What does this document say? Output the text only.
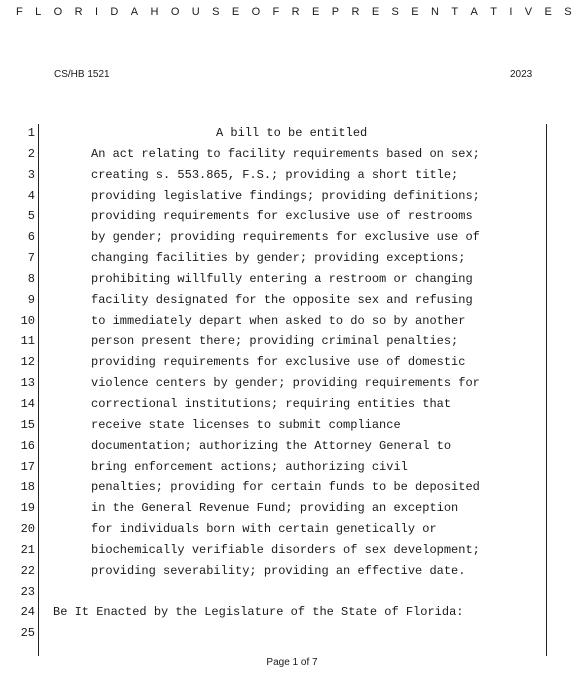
F L O R I D A H O U S E O F R E P R E S E N T A T I V E S
CS/HB 1521	2023
1	A bill to be entitled
2	An act relating to facility requirements based on sex;
3	creating s. 553.865, F.S.; providing a short title;
4	providing legislative findings; providing definitions;
5	providing requirements for exclusive use of restrooms
6	by gender; providing requirements for exclusive use of
7	changing facilities by gender; providing exceptions;
8	prohibiting willfully entering a restroom or changing
9	facility designated for the opposite sex and refusing
10	to immediately depart when asked to do so by another
11	person present there; providing criminal penalties;
12	providing requirements for exclusive use of domestic
13	violence centers by gender; providing requirements for
14	correctional institutions; requiring entities that
15	receive state licenses to submit compliance
16	documentation; authorizing the Attorney General to
17	bring enforcement actions; authorizing civil
18	penalties; providing for certain funds to be deposited
19	in the General Revenue Fund; providing an exception
20	for individuals born with certain genetically or
21	biochemically verifiable disorders of sex development;
22	providing severability; providing an effective date.
23
24 Be It Enacted by the Legislature of the State of Florida:
25
Page 1 of 7
